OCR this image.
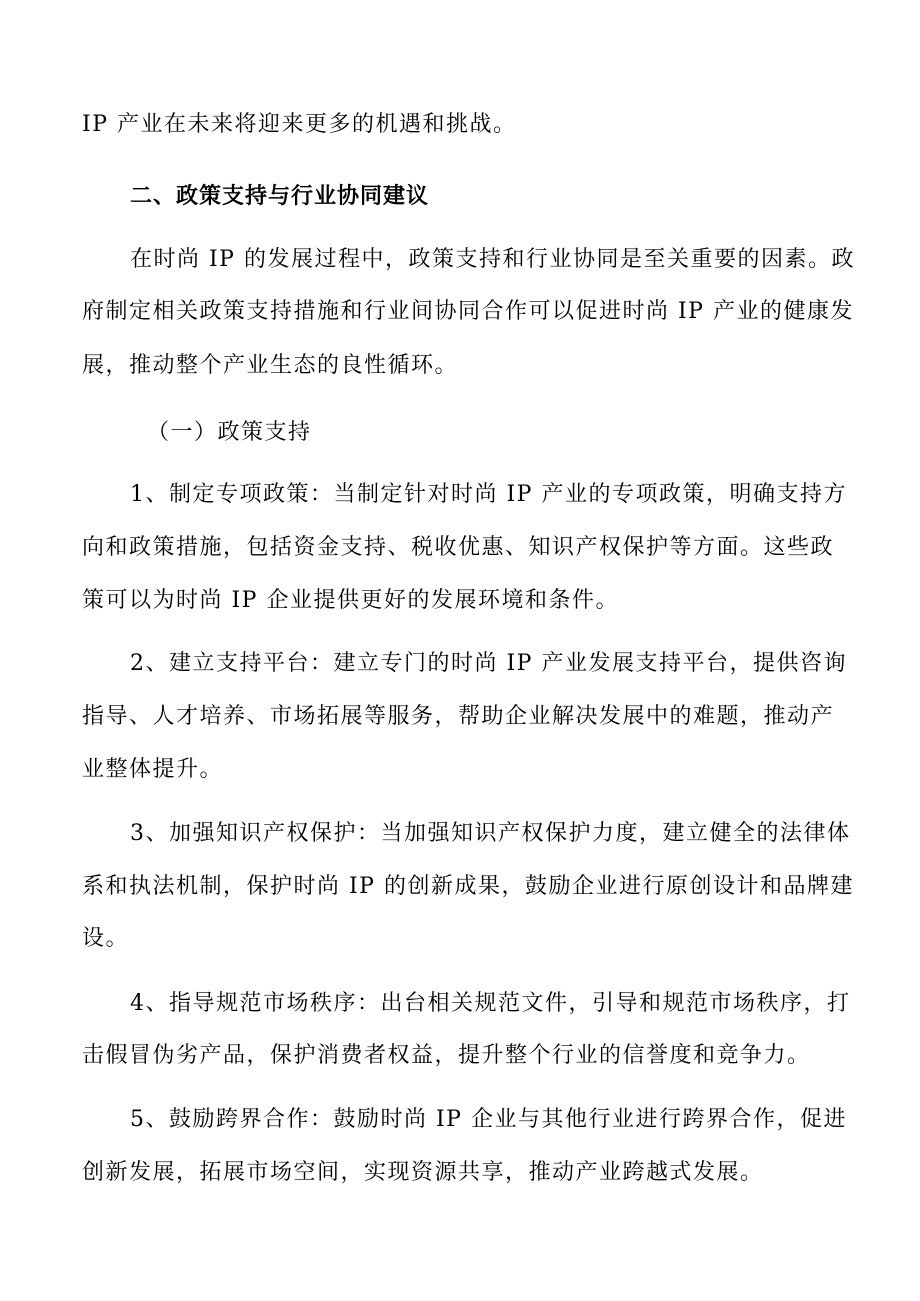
IP 产业在未来将迎来更多的机遇和挑战。

二、政策支持与行业协同建议

在时尚 IP 的发展过程中，政策支持和行业协同是至关重要的因素。政

府制定相关政策支持措施和行业间协同合作可以促进时尚 IP 产业的健康发

展，推动整个产业生态的良性循环。

（一）政策支持

1、制定专项政策：当制定针对时尚 IP 产业的专项政策，明确支持方

向和政策措施，包括资金支持、税收优惠、知识产权保护等方面。这些政

策可以为时尚 IP 企业提供更好的发展环境和条件。

2、建立支持平台：建立专门的时尚 IP 产业发展支持平台，提供咨询

指导、人才培养、市场拓展等服务，帮助企业解决发展中的难题，推动产

业整体提升。

3、加强知识产权保护：当加强知识产权保护力度，建立健全的法律体

系和执法机制，保护时尚 IP 的创新成果，鼓励企业进行原创设计和品牌建

设。

4、指导规范市场秩序：出台相关规范文件，引导和规范市场秩序，打

击假冒伪劣产品，保护消费者权益，提升整个行业的信誉度和竞争力。

5、鼓励跨界合作：鼓励时尚 IP 企业与其他行业进行跨界合作，促进

创新发展，拓展市场空间，实现资源共享，推动产业跨越式发展。
